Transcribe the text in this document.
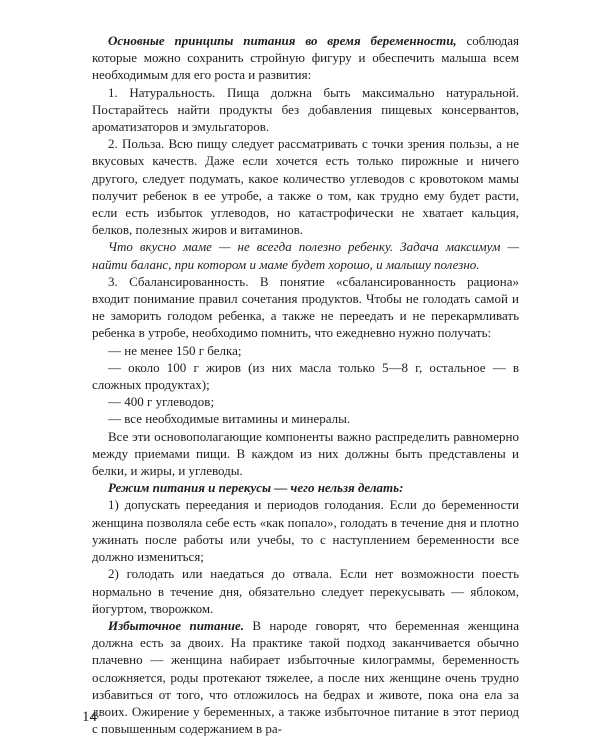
Основные принципы питания во время беременности, соблюдая которые можно сохранить стройную фигуру и обеспечить малыша всем необходимым для его роста и развития:

1. Натуральность. Пища должна быть максимально натуральной. Постарайтесь найти продукты без добавления пищевых консервантов, ароматизаторов и эмульгаторов.

2. Польза. Всю пищу следует рассматривать с точки зрения пользы, а не вкусовых качеств. Даже если хочется есть только пирожные и ничего другого, следует подумать, какое количество углеводов с кровотоком мамы получит ребенок в ее утробе, а также о том, как трудно ему будет расти, если есть избыток углеводов, но катастрофически не хватает кальция, белков, полезных жиров и витаминов.

Что вкусно маме — не всегда полезно ребенку. Задача максимум — найти баланс, при котором и маме будет хорошо, и малышу полезно.

3. Сбалансированность. В понятие «сбалансированность рациона» входит понимание правил сочетания продуктов. Чтобы не голодать самой и не заморить голодом ребенка, а также не переедать и не перекармливать ребенка в утробе, необходимо помнить, что ежедневно нужно получать:

— не менее 150 г белка;

— около 100 г жиров (из них масла только 5—8 г, остальное — в сложных продуктах);

— 400 г углеводов;

— все необходимые витамины и минералы.

Все эти основополагающие компоненты важно распределить равномерно между приемами пищи. В каждом из них должны быть представлены и белки, и жиры, и углеводы.

Режим питания и перекусы — чего нельзя делать:

1) допускать переедания и периодов голодания. Если до беременности женщина позволяла себе есть «как попало», голодать в течение дня и плотно ужинать после работы или учебы, то с наступлением беременности все должно измениться;

2) голодать или наедаться до отвала. Если нет возможности поесть нормально в течение дня, обязательно следует перекусывать — яблоком, йогуртом, творожком.

Избыточное питание. В народе говорят, что беременная женщина должна есть за двоих. На практике такой подход заканчивается обычно плачевно — женщина набирает избыточные килограммы, беременность осложняется, роды протекают тяжелее, а после них женщине очень трудно избавиться от того, что отложилось на бедрах и животе, пока она ела за двоих. Ожирение у беременных, а также избыточное питание в этот период с повышенным содержанием в ра-

14
